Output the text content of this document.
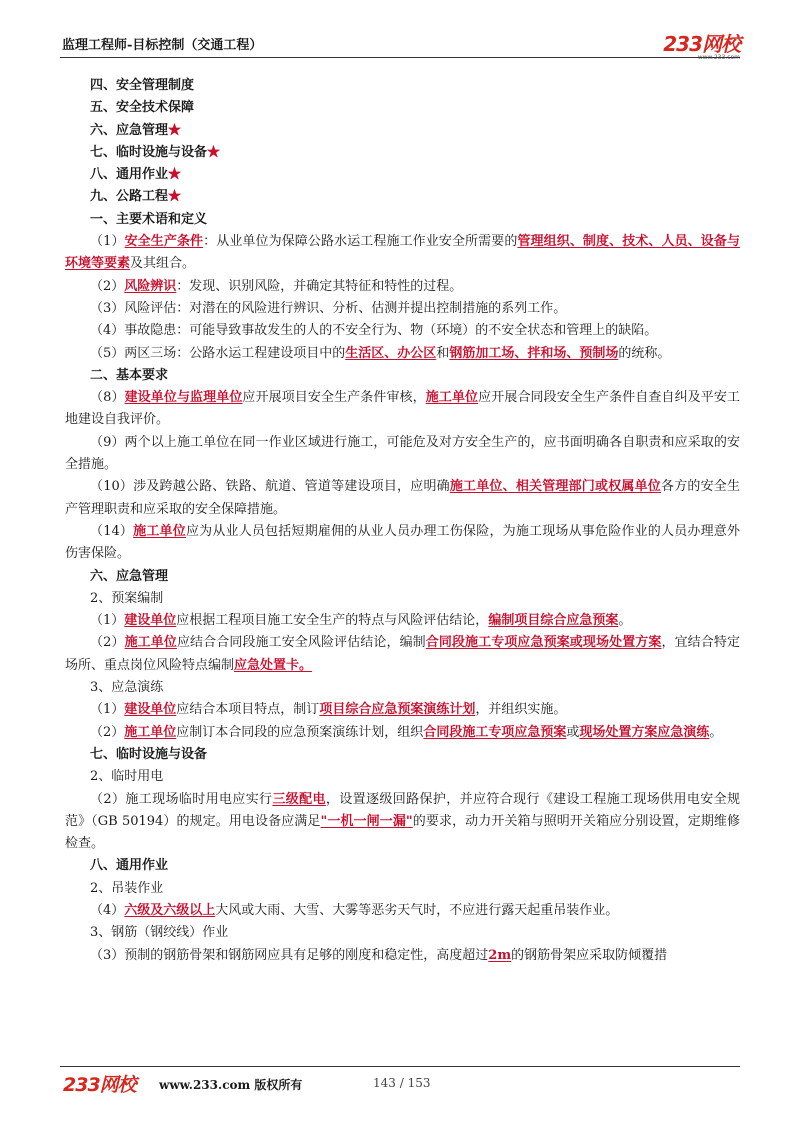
监理工程师-目标控制（交通工程）	233网校
www.233.com

四、安全管理制度

五、安全技术保障

六、应急管理★

七、临时设施与设备★

八、通用作业★

九、公路工程★

一、主要术语和定义

（1）安全生产条件：从业单位为保障公路水运工程施工作业安全所需要的管理组织、制度、技术、人员、设备与环境等要素及其组合。

（2）风险辨识：发现、识别风险，并确定其特征和特性的过程。

（3）风险评估：对潜在的风险进行辨识、分析、估测并提出控制措施的系列工作。

（4）事故隐患：可能导致事故发生的人的不安全行为、物（环境）的不安全状态和管理上的缺陷。

（5）两区三场：公路水运工程建设项目中的生活区、办公区和钢筋加工场、拌和场、预制场的统称。

二、基本要求

（8）建设单位与监理单位应开展项目安全生产条件审核，施工单位应开展合同段安全生产条件自查自纠及平安工地建设自我评价。

（9）两个以上施工单位在同一作业区域进行施工，可能危及对方安全生产的，应书面明确各自职责和应采取的安全措施。

（10）涉及跨越公路、铁路、航道、管道等建设项目，应明确施工单位、相关管理部门或权属单位各方的安全生产管理职责和应采取的安全保障措施。

（14）施工单位应为从业人员包括短期雇佣的从业人员办理工伤保险，为施工现场从事危险作业的人员办理意外伤害保险。

六、应急管理

2、预案编制

（1）建设单位应根据工程项目施工安全生产的特点与风险评估结论，编制项目综合应急预案。

（2）施工单位应结合合同段施工安全风险评估结论，编制合同段施工专项应急预案或现场处置方案，宜结合特定场所、重点岗位风险特点编制应急处置卡。

3、应急演练

（1）建设单位应结合本项目特点，制订项目综合应急预案演练计划，并组织实施。

（2）施工单位应制订本合同段的应急预案演练计划，组织合同段施工专项应急预案或现场处置方案应急演练。

七、临时设施与设备

2、临时用电

（2）施工现场临时用电应实行三级配电，设置逐级回路保护，并应符合现行《建设工程施工现场供用电安全规范》（GB 50194）的规定。用电设备应满足"一机一闸一漏"的要求，动力开关箱与照明开关箱应分别设置，定期维修检查。

八、通用作业

2、吊装作业

（4）六级及六级以上大风或大雨、大雪、大雾等恶劣天气时，不应进行露天起重吊装作业。

3、钢筋（钢绞线）作业

（3）预制的钢筋骨架和钢筋网应具有足够的刚度和稳定性，高度超过2m的钢筋骨架应采取防倾覆措

233网校 www.233.com 版权所有	143 / 153
